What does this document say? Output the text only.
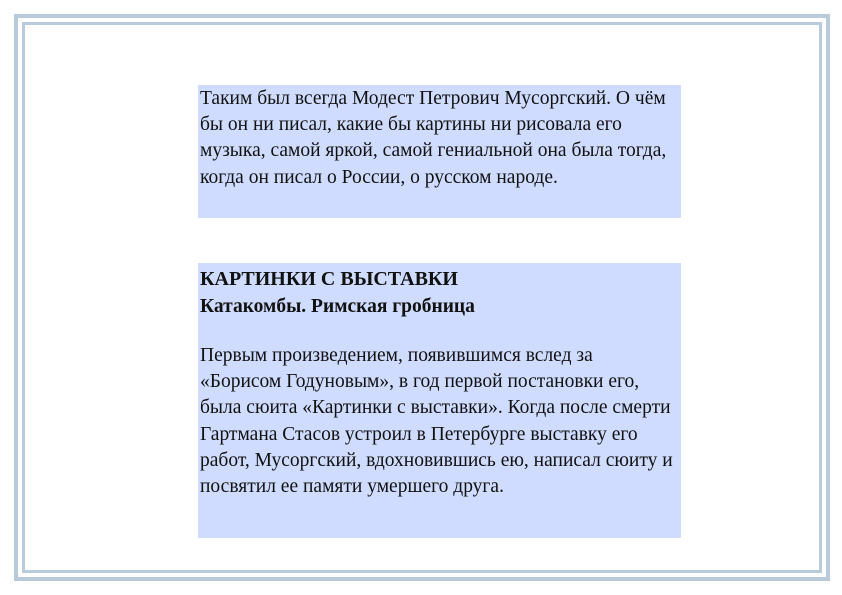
Таким был всегда Модест Петрович Мусоргский. О чём бы он ни писал, какие бы картины ни рисовала его музыка, самой яркой, самой гениальной она была тогда, когда он писал о России, о русском народе.
КАРТИНКИ С ВЫСТАВКИ
Катакомбы. Римская гробница
Первым произведением, появившимся вслед за «Борисом Годуновым», в год первой постановки его, была сюита «Картинки с выставки». Когда после смерти Гартмана Стасов устроил в Петербурге выставку его работ, Мусоргский, вдохновившись ею, написал сюиту и посвятил ее памяти умершего друга.
